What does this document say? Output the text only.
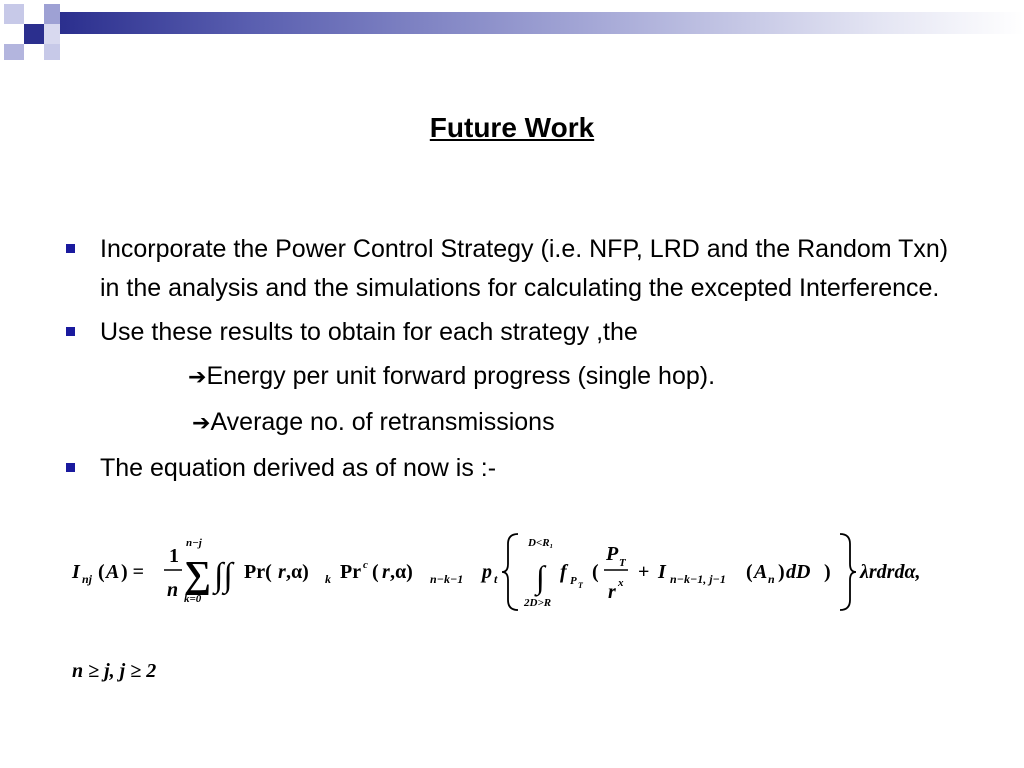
Future Work
Incorporate the Power Control Strategy (i.e. NFP, LRD and the Random Txn) in the analysis and the simulations for calculating the excepted Interference.
Use these results to obtain for each strategy ,the
➔Energy per unit forward progress (single hop).
➔Average no. of retransmissions
The equation derived as of now is :-
I nj ( A ) =
1
n
n−j
∑
k=0
∫∫ Pr( r ,α) k Pr c ( r ,α) n−k−1 p t
D<R₁
∫
2D>R
f P T
(
P T
r x + I n−k−1, j−1 ( A n ) dD ) λrdrdα,
n ≥ j, j ≥ 2
